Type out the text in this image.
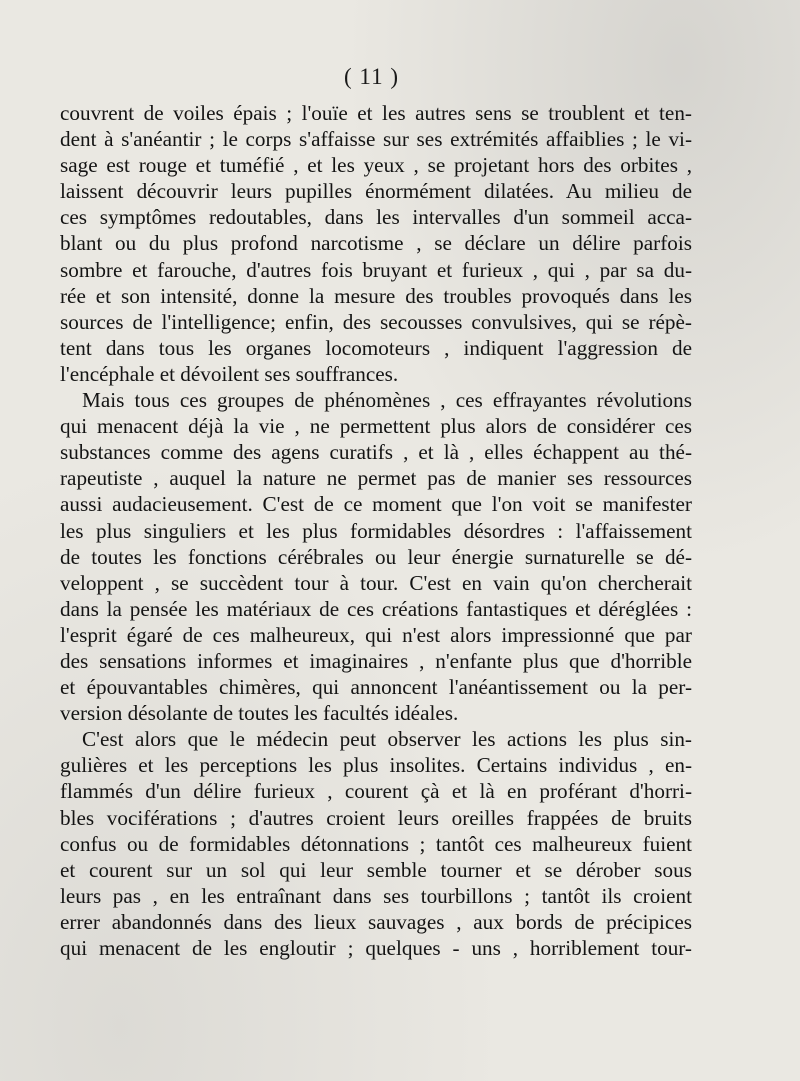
( 11 )
couvrent de voiles épais ; l'ouïe et les autres sens se troublent et ten-
dent à s'anéantir ; le corps s'affaisse sur ses extrémités affaiblies ; le vi-
sage est rouge et tuméfié , et les yeux , se projetant hors des orbites ,
laissent découvrir leurs pupilles énormément dilatées. Au milieu de
ces symptômes redoutables, dans les intervalles d'un sommeil acca-
blant ou du plus profond narcotisme , se déclare un délire parfois
sombre et farouche, d'autres fois bruyant et furieux , qui , par sa du-
rée et son intensité, donne la mesure des troubles provoqués dans les
sources de l'intelligence; enfin, des secousses convulsives, qui se répè-
tent dans tous les organes locomoteurs , indiquent l'aggression de
l'encéphale et dévoilent ses souffrances.
Mais tous ces groupes de phénomènes , ces effrayantes révolutions
qui menacent déjà la vie , ne permettent plus alors de considérer ces
substances comme des agens curatifs , et là , elles échappent au thé-
rapeutiste , auquel la nature ne permet pas de manier ses ressources
aussi audacieusement. C'est de ce moment que l'on voit se manifester
les plus singuliers et les plus formidables désordres : l'affaissement
de toutes les fonctions cérébrales ou leur énergie surnaturelle se dé-
veloppent , se succèdent tour à tour. C'est en vain qu'on chercherait
dans la pensée les matériaux de ces créations fantastiques et déréglées :
l'esprit égaré de ces malheureux, qui n'est alors impressionné que par
des sensations informes et imaginaires , n'enfante plus que d'horrible
et épouvantables chimères, qui annoncent l'anéantissement ou la per-
version désolante de toutes les facultés idéales.
C'est alors que le médecin peut observer les actions les plus sin-
gulières et les perceptions les plus insolites. Certains individus , en-
flammés d'un délire furieux , courent çà et là en proférant d'horri-
bles vociférations ; d'autres croient leurs oreilles frappées de bruits
confus ou de formidables détonnations ; tantôt ces malheureux fuient
et courent sur un sol qui leur semble tourner et se dérober sous
leurs pas , en les entraînant dans ses tourbillons ; tantôt ils croient
errer abandonnés dans des lieux sauvages , aux bords de précipices
qui menacent de les engloutir ; quelques - uns , horriblement tour-
